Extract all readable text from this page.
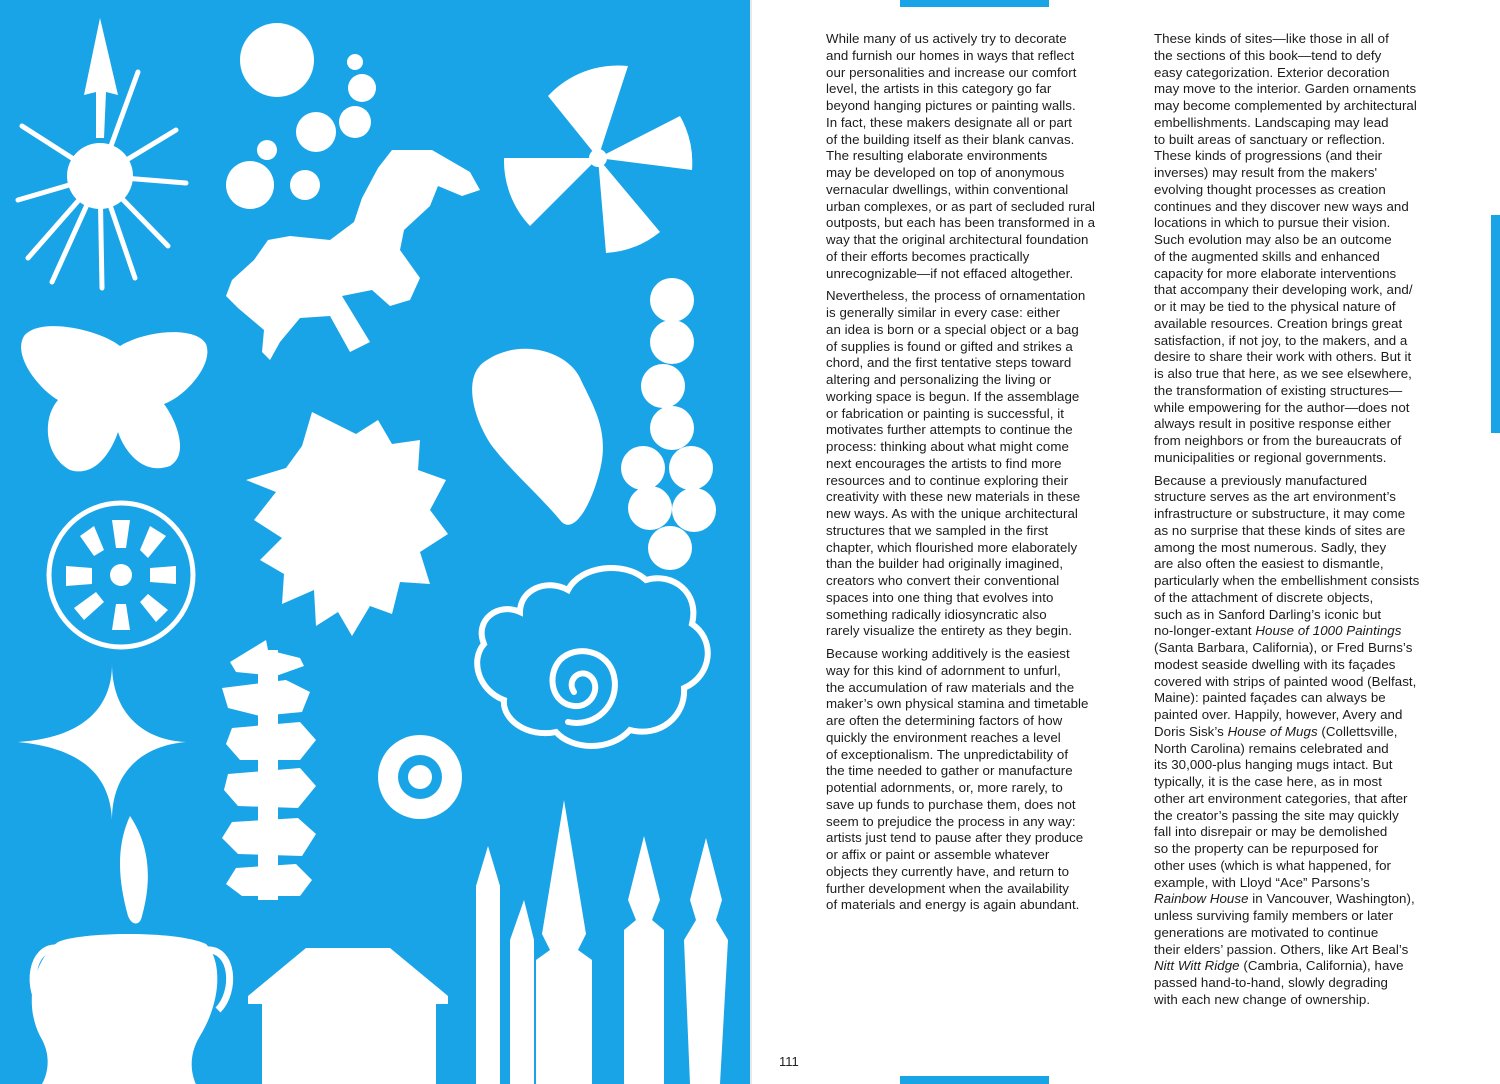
While many of us actively try to decorate
and furnish our homes in ways that reflect
our personalities and increase our comfort
level, the artists in this category go far
beyond hanging pictures or painting walls.
In fact, these makers designate all or part
of the building itself as their blank canvas.
The resulting elaborate environments
may be developed on top of anonymous
vernacular dwellings, within conventional
urban complexes, or as part of secluded rural
outposts, but each has been transformed in a
way that the original architectural foundation
of their efforts becomes practically
unrecognizable—if not effaced altogether.

Nevertheless, the process of ornamentation
is generally similar in every case: either
an idea is born or a special object or a bag
of supplies is found or gifted and strikes a
chord, and the first tentative steps toward
altering and personalizing the living or
working space is begun. If the assemblage
or fabrication or painting is successful, it
motivates further attempts to continue the
process: thinking about what might come
next encourages the artists to find more
resources and to continue exploring their
creativity with these new materials in these
new ways. As with the unique architectural
structures that we sampled in the first
chapter, which flourished more elaborately
than the builder had originally imagined,
creators who convert their conventional
spaces into one thing that evolves into
something radically idiosyncratic also
rarely visualize the entirety as they begin.

Because working additively is the easiest
way for this kind of adornment to unfurl,
the accumulation of raw materials and the
maker’s own physical stamina and timetable
are often the determining factors of how
quickly the environment reaches a level
of exceptionalism. The unpredictability of
the time needed to gather or manufacture
potential adornments, or, more rarely, to
save up funds to purchase them, does not
seem to prejudice the process in any way:
artists just tend to pause after they produce
or affix or paint or assemble whatever
objects they currently have, and return to
further development when the availability
of materials and energy is again abundant.

These kinds of sites—like those in all of
the sections of this book—tend to defy
easy categorization. Exterior decoration
may move to the interior. Garden ornaments
may become complemented by architectural
embellishments. Landscaping may lead
to built areas of sanctuary or reflection.
These kinds of progressions (and their
inverses) may result from the makers'
evolving thought processes as creation
continues and they discover new ways and
locations in which to pursue their vision.
Such evolution may also be an outcome
of the augmented skills and enhanced
capacity for more elaborate interventions
that accompany their developing work, and/
or it may be tied to the physical nature of
available resources. Creation brings great
satisfaction, if not joy, to the makers, and a
desire to share their work with others. But it
is also true that here, as we see elsewhere,
the transformation of existing structures—
while empowering for the author—does not
always result in positive response either
from neighbors or from the bureaucrats of
municipalities or regional governments.

Because a previously manufactured
structure serves as the art environment’s
infrastructure or substructure, it may come
as no surprise that these kinds of sites are
among the most numerous. Sadly, they
are also often the easiest to dismantle,
particularly when the embellishment consists
of the attachment of discrete objects,
such as in Sanford Darling’s iconic but
no-longer-extant House of 1000 Paintings
(Santa Barbara, California), or Fred Burns’s
modest seaside dwelling with its façades
covered with strips of painted wood (Belfast,
Maine): painted façades can always be
painted over. Happily, however, Avery and
Doris Sisk’s House of Mugs (Collettsville,
North Carolina) remains celebrated and
its 30,000-plus hanging mugs intact. But
typically, it is the case here, as in most
other art environment categories, that after
the creator’s passing the site may quickly
fall into disrepair or may be demolished
so the property can be repurposed for
other uses (which is what happened, for
example, with Lloyd “Ace” Parsons’s
Rainbow House in Vancouver, Washington),
unless surviving family members or later
generations are motivated to continue
their elders’ passion. Others, like Art Beal’s
Nitt Witt Ridge (Cambria, California), have
passed hand-to-hand, slowly degrading
with each new change of ownership.

111
